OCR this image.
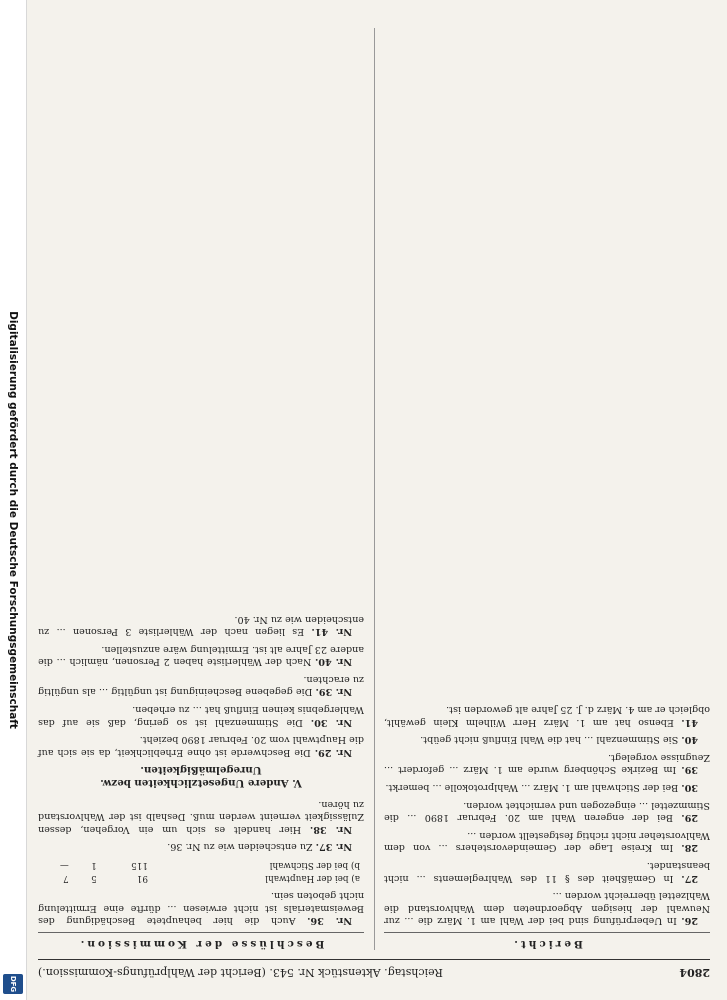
Digitalisierung gefördert durch die Deutsche Forschungsgemeinschaft
DFG
2804
Reichstag. Aktenstück Nr. 543. (Bericht der Wahlprüfungs-Kommission.)
Bericht.

26. In Ueberprüfung sind bei der Wahl am 1. März die ... zur Neuwahl der hiesigen Abgeordneten dem Wahlvorstand die Wahlzettel überreicht worden ...

27. In Gemäßheit des § 11 des Wahlreglements ... nicht beanstandet.

28. Im Kreise Lage der Gemeindevorstehers ... von dem Wahlvorsteher nicht richtig festgestellt worden ...

29. Bei der engeren Wahl am 20. Februar 1890 ... die Stimmzettel ... eingezogen und vernichtet worden.

30. Bei der Stichwahl am 1. März ... Wahlprotokolle ... bemerkt.

39. Im Bezirke Schönberg wurde am 1. März ... gefordert ... Zeugnisse vorgelegt.

40. Sie Stimmenzahl ... hat die Wahl Einfluß nicht geübt.

41. Ebenso hat am 1. März Herr Wilhelm Klein gewählt, obgleich er am 4. März d. J. 25 Jahre alt geworden ist.

Beschlüsse der Kommission.

Nr. 36. Auch die hier behauptete Beschädigung des Beweismaterials ist nicht erwiesen ... dürfte eine Ermittelung nicht geboten sein.

a) bei der Hauptwahl	91	5	7
b) bei der Stichwahl	115	1	—

Nr. 37. Zu entscheiden wie zu Nr. 36.

Nr. 38. Hier handelt es sich um ein Vorgehen, dessen Zulässigkeit verneint werden muß. Deshalb ist der Wahlvorstand zu hören.

V. Andere Ungesetzlichkeiten bezw. Unregelmäßigkeiten.

Nr. 29. Die Beschwerde ist ohne Erheblichkeit, da sie sich auf die Hauptwahl vom 20. Februar 1890 bezieht.

Nr. 30. Die Stimmenzahl ist so gering, daß sie auf das Wahlergebnis keinen Einfluß hat ... zu erheben.

Nr. 39. Die gegebene Bescheinigung ist ungültig ... als ungültig zu erachten.

Nr. 40. Nach der Wählerliste haben 2 Personen, nämlich ... die andere 23 Jahre alt ist. Ermittelung wäre anzustellen.

Nr. 41. Es liegen nach der Wählerliste 3 Personen ... zu entscheiden wie zu Nr. 40.
